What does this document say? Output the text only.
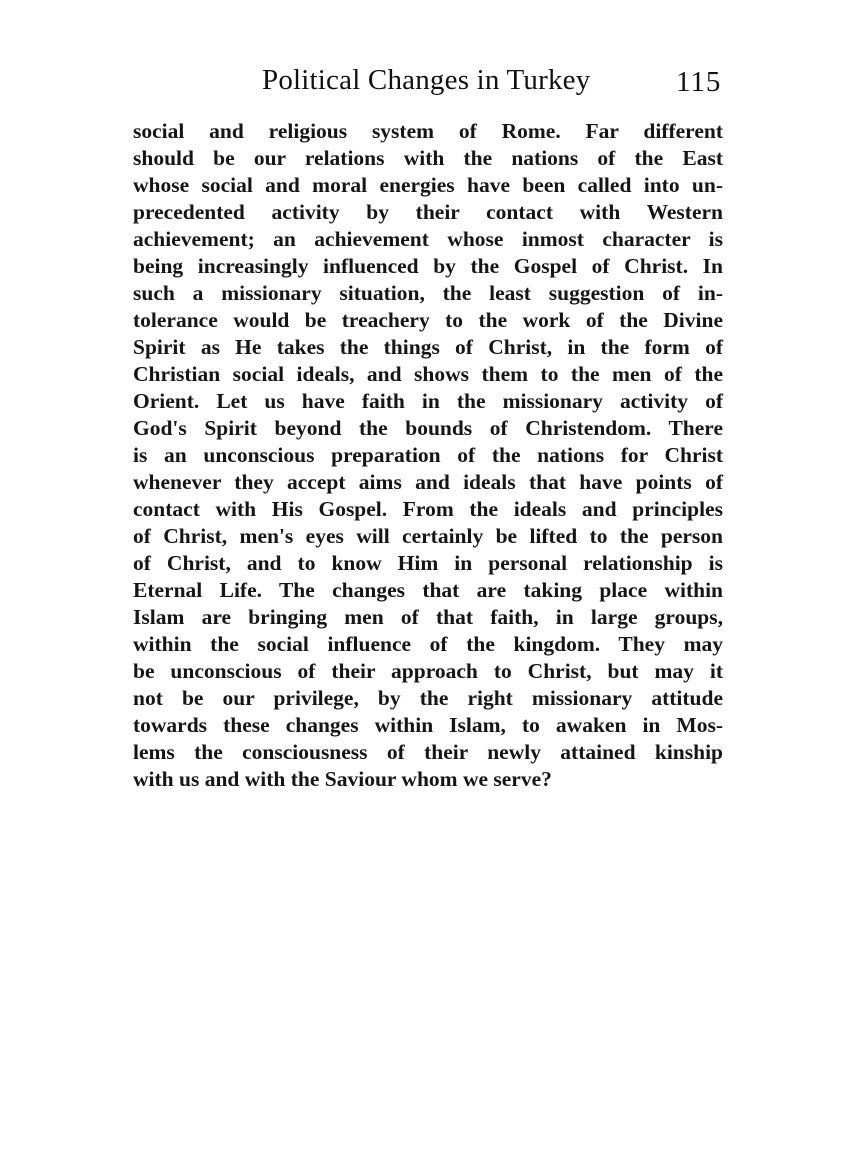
Political Changes in Turkey	115
social and religious system of Rome. Far different
should be our relations with the nations of the East
whose social and moral energies have been called into un-
precedented activity by their contact with Western
achievement; an achievement whose inmost character is
being increasingly influenced by the Gospel of Christ. In
such a missionary situation, the least suggestion of in-
tolerance would be treachery to the work of the Divine
Spirit as He takes the things of Christ, in the form of
Christian social ideals, and shows them to the men of the
Orient. Let us have faith in the missionary activity of
God's Spirit beyond the bounds of Christendom. There
is an unconscious preparation of the nations for Christ
whenever they accept aims and ideals that have points of
contact with His Gospel. From the ideals and principles
of Christ, men's eyes will certainly be lifted to the person
of Christ, and to know Him in personal relationship is
Eternal Life. The changes that are taking place within
Islam are bringing men of that faith, in large groups,
within the social influence of the kingdom. They may
be unconscious of their approach to Christ, but may it
not be our privilege, by the right missionary attitude
towards these changes within Islam, to awaken in Mos-
lems the consciousness of their newly attained kinship
with us and with the Saviour whom we serve?
